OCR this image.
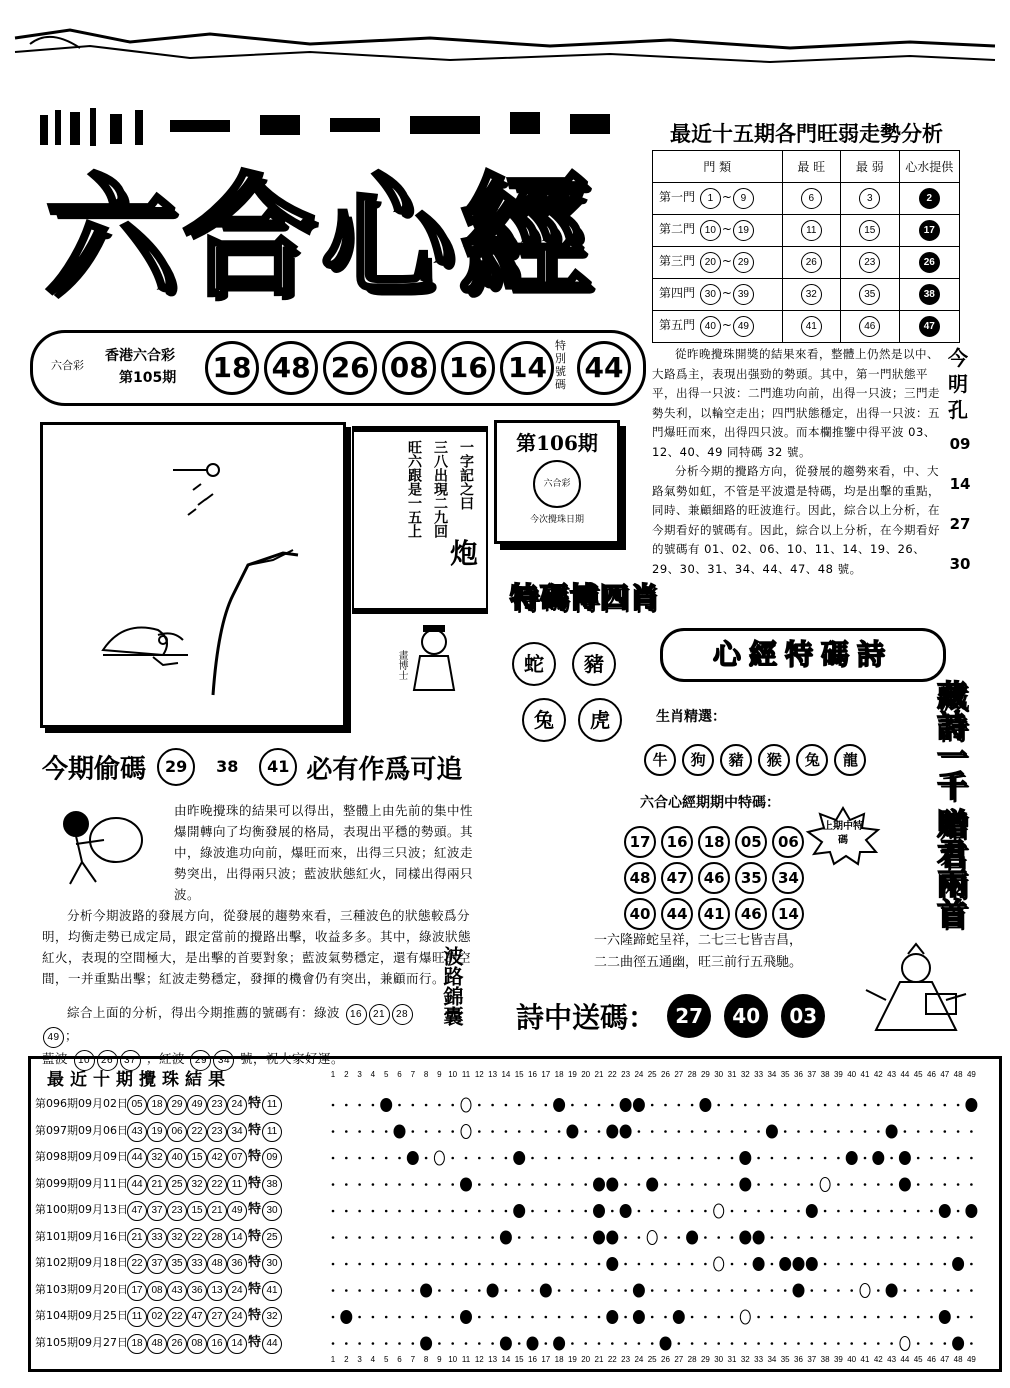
六合心經
六合彩
香港六合彩
第105期 18 48 26 08 16 14
特別號碼
44
最近十五期各門旺弱走勢分析
門 類	最 旺	最 弱	心水提供
第一門 1 ~ 9	6	3	2
第二門 10 ~ 19	11	15	17
第三門 20 ~ 29	26	23	26
第四門 30 ~ 39	32	35	38
第五門 40 ~ 49	41	46	47

從昨晚攪珠開獎的結果來看，整體上仍然是以中、大路爲主，表現出强勁的勢頭。其中，第一門狀態平平，出得一只波：二門進功向前，出得一只波；三門走勢失利，以輪空走出；四門狀態穩定，出得一只波：五門爆旺而來，出得四只波。而本欄推鑒中得平波 03、12、40、49 同特碼 32 號。

分析今期的攪路方向，從發展的趨勢來看，中、大路氣勢如虹，不管是平波還是特碼，均是出擊的重點，同時、兼顧細路的旺波進行。因此，綜合以上分析，在今期看好的號碼有。因此，綜合以上分析，在今期看好的號碼有 01、02、06、10、11、14、19、26、29、30、31、34、44、47、48 號。

今明孔
09
14
27
30
一字記之曰
三八出現二九回
旺六跟是一五上
炮
第106期
六合彩
今次攪珠日期
特碼博四肖
蛇	豬
兔	虎
畫博士	心經特碼詩
生肖精選：
牛 狗 豬 猴 兔 龍
六合心經期期中特碼：
17 16 18 05 06
48 47 46 35 34
40 44 41 46 14
上期中特碼
藏詩一千
贈君兩首
一六隆蹄蛇呈祥，二七三七皆吉昌，
二二曲徑五通幽，旺三前行五飛馳。
詩中送碼： 27 40 03
今期偷碼 29 38 41 必有作爲可追

由昨晚攪珠的結果可以得出，整體上由先前的集中性爆開轉向了均衡發展的格局，表現出平穩的勢頭。其中，綠波進功向前，爆旺而來，出得三只波；紅波走勢突出，出得兩只波；藍波狀態紅火，同樣出得兩只波。

分析今期波路的發展方向，從發展的趨勢來看，三種波色的狀態較爲分明，均衡走勢已成定局，跟定當前的攪路出擊，收益多多。其中，綠波狀態紅火，表現的空間極大，是出擊的首要對象；藍波氣勢穩定，還有爆旺的空間，一并重點出擊；紅波走勢穩定，發揮的機會仍有突出，兼顧而行。

綜合上面的分析，得出今期推薦的號碼有：綠波 16 21 2849 ；
藍波 10 26 37 ；紅波 29 34 號，祝大家好運。
波路錦囊
最近十期攪珠結果
第096期09月02日 05 18 29 49 23 24 特 11
第097期09月06日 43 19 06 22 23 34 特 11
第098期09月09日 44 32 40 15 42 07 特 09
第099期09月11日 44 21 25 32 22 11 特 38
第100期09月13日 47 37 23 15 21 49 特 30
第101期09月16日 21 33 32 22 28 14 特 25
第102期09月18日 22 37 35 33 48 36 特 30
第103期09月20日 17 08 43 36 13 24 特 41
第104期09月25日 11 02 22 47 27 24 特 32
第105期09月27日 18 48 26 08 16 14 特 44
1
1
2
2
3
3
4
4
5
5
6
6
7
7
8
8
9
9
10
10
11
11
12
12
13
13
14
14
15
15
16
16
17
17
18
18
19
19
20
20
21
21
22
22
23
23
24
24
25
25
26
26
27
27
28
28
29
29
30
30
31
31
32
32
33
33
34
34
35
35
36
36
37
37
38
38
39
39
40
40
41
41
42
42
43
43
44
44
45
45
46
46
47
47
48
48
49
49
